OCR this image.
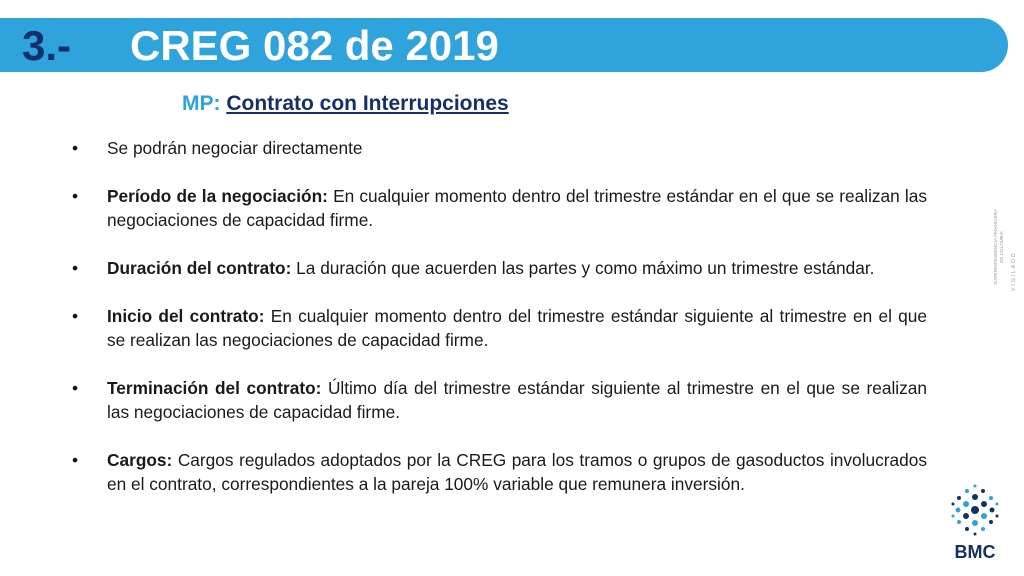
3.- CREG 082 de 2019
MP: Contrato con Interrupciones
•	Se podrán negociar directamente
•	Período de la negociación: En cualquier momento dentro del trimestre estándar en el que se realizan las negociaciones de capacidad firme.
•	Duración del contrato: La duración que acuerden las partes y como máximo un trimestre estándar.
•	Inicio del contrato: En cualquier momento dentro del trimestre estándar siguiente al trimestre en el que se realizan las negociaciones de capacidad firme.
•	Terminación del contrato: Último día del trimestre estándar siguiente al trimestre en el que se realizan las negociaciones de capacidad firme.
•	Cargos: Cargos regulados adoptados por la CREG para los tramos o grupos de gasoductos involucrados en el contrato, correspondientes a la pareja 100% variable que remunera inversión.
SUPERINTENDENCIA FINANCIERA DE COLOMBIA
VIGILADO
BMC
